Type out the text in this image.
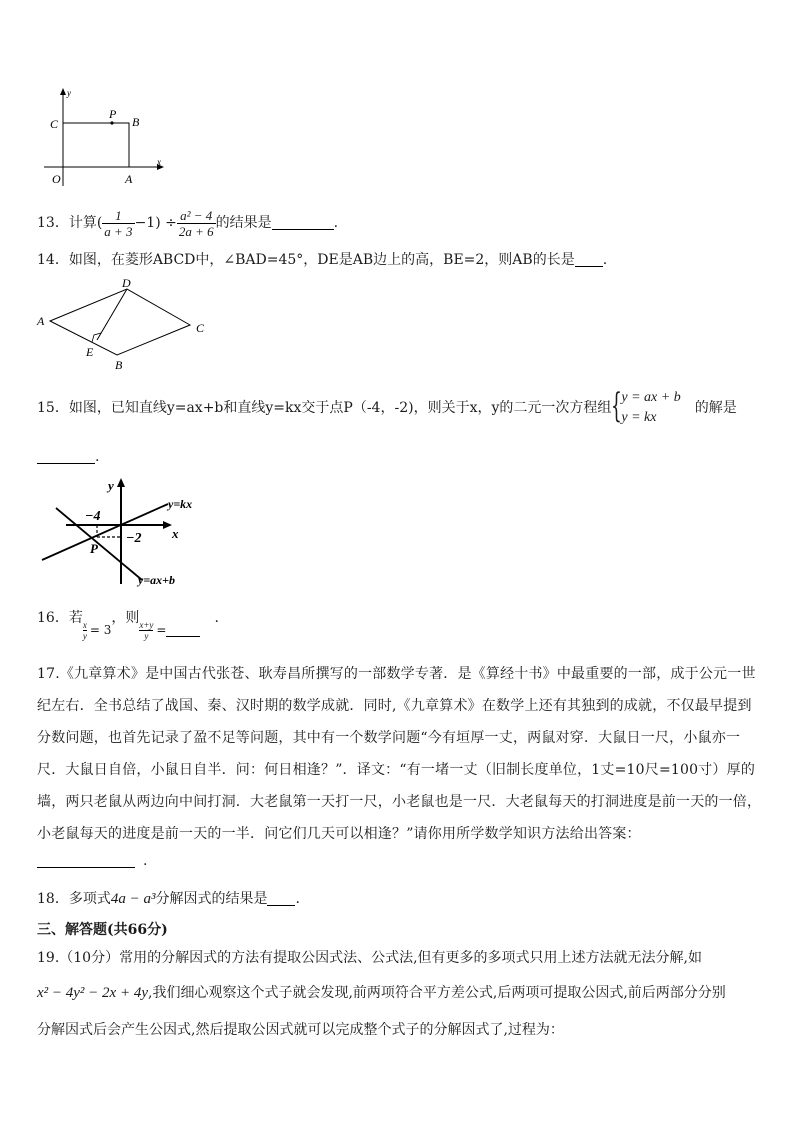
y
x
C
P
B
O	A
13．计算( $\frac{1}{a + 3} -1) \div \frac{\text{a² − 4}}{2a + 6}$ 的结果是	.
14．如图，在菱形ABCD中，∠BAD=45°，DE是AB边上的高，BE=2，则AB的长是 .
A
D
C
E
B
15．如图，已知直线y=ax+b和直线y=kx交于点P（-4，-2)，则关于x，y的二元一次方程组 { y = ax + b
y = kx
的解是
.
y
x
y=kx
y=ax+b
−4
−2
P
16．若$\frac{x}{y} = 3$，则$\frac{x+y}{y}$ =.
17.《九章算术》是中国古代张苍、耿寿昌所撰写的一部数学专著．是《算经十书》中最重要的一部，成于公元一世
纪左右．全书总结了战国、秦、汉时期的数学成就．同时,《九章算术》在数学上还有其独到的成就，不仅最早提到
分数问题，也首先记录了盈不足等问题，其中有一个数学问题“今有垣厚一丈，两鼠对穿．大鼠日一尺，小鼠亦一
尺．大鼠日自倍，小鼠日自半．问：何日相逢？”．译文：“有一堵一丈（旧制长度单位，1丈=10尺=100寸）厚的
墙，两只老鼠从两边向中间打洞．大老鼠第一天打一尺，小老鼠也是一尺．大老鼠每天的打洞进度是前一天的一倍，
小老鼠每天的进度是前一天的一半．问它们几天可以相逢？”请你用所学数学知识方法给出答案：
.
18．多项式4a − a³分解因式的结果是 .
三、解答题(共66分)
19.（10分）常用的分解因式的方法有提取公因式法、公式法,但有更多的多项式只用上述方法就无法分解,如
x² − 4y² − 2x + 4y,我们细心观察这个式子就会发现,前两项符合平方差公式,后两项可提取公因式,前后两部分分别
分解因式后会产生公因式,然后提取公因式就可以完成整个式子的分解因式了,过程为：
